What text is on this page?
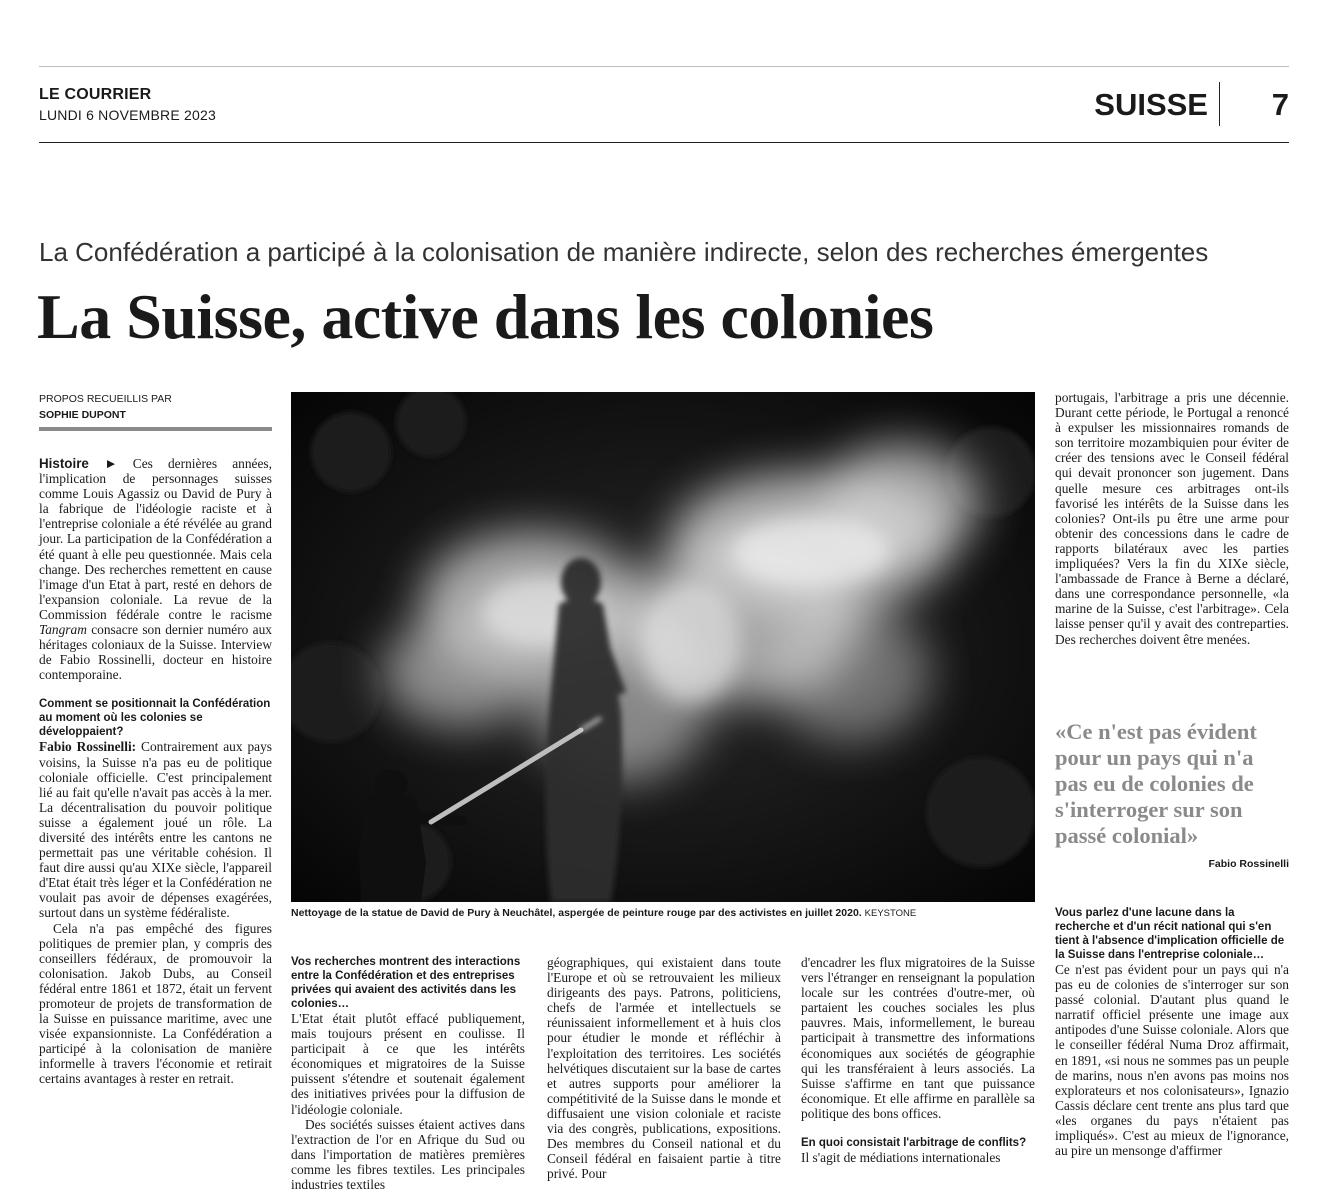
LE COURRIER
LUNDI 6 NOVEMBRE 2023	SUISSE	7
La Confédération a participé à la colonisation de manière indirecte, selon des recherches émergentes
La Suisse, active dans les colonies
PROPOS RECUEILLIS PAR
SOPHIE DUPONT

Histoire ► Ces dernières années, l'implication de personnages suisses comme Louis Agassiz ou David de Pury à la fabrique de l'idéologie raciste et à l'entreprise coloniale a été révélée au grand jour. La participation de la Confédération a été quant à elle peu questionnée. Mais cela change. Des recherches remettent en cause l'image d'un Etat à part, resté en dehors de l'expansion coloniale. La revue de la Commission fédérale contre le racisme Tangram consacre son dernier numéro aux héritages coloniaux de la Suisse. Interview de Fabio Rossinelli, docteur en histoire contemporaine.

Comment se positionnait la Confédération au moment où les colonies se développaient?

Fabio Rossinelli: Contrairement aux pays voisins, la Suisse n'a pas eu de politique coloniale officielle. C'est principalement lié au fait qu'elle n'avait pas accès à la mer. La décentralisation du pouvoir politique suisse a également joué un rôle. La diversité des intérêts entre les cantons ne permettait pas une véritable cohésion. Il faut dire aussi qu'au XIXe siècle, l'appareil d'Etat était très léger et la Confédération ne voulait pas avoir de dépenses exagérées, surtout dans un système fédéraliste.

Cela n'a pas empêché des figures politiques de premier plan, y compris des conseillers fédéraux, de promouvoir la colonisation. Jakob Dubs, au Conseil fédéral entre 1861 et 1872, était un fervent promoteur de projets de transformation de la Suisse en puissance maritime, avec une visée expansionniste. La Confédération a participé à la colonisation de manière informelle à travers l'économie et retirait certains avantages à rester en retrait.

Nettoyage de la statue de David de Pury à Neuchâtel, aspergée de peinture rouge par des activistes en juillet 2020. KEYSTONE

Vos recherches montrent des interactions entre la Confédération et des entreprises privées qui avaient des activités dans les colonies…

L'Etat était plutôt effacé publiquement, mais toujours présent en coulisse. Il participait à ce que les intérêts économiques et migratoires de la Suisse puissent s'étendre et soutenait également des initiatives privées pour la diffusion de l'idéologie coloniale.

Des sociétés suisses étaient actives dans l'extraction de l'or en Afrique du Sud ou dans l'importation de matières premières comme les fibres textiles. Les principales industries textiles

géographiques, qui existaient dans toute l'Europe et où se retrouvaient les milieux dirigeants des pays. Patrons, politiciens, chefs de l'armée et intellectuels se réunissaient informellement et à huis clos pour étudier le monde et réfléchir à l'exploitation des territoires. Les sociétés helvétiques discutaient sur la base de cartes et autres supports pour améliorer la compétitivité de la Suisse dans le monde et diffusaient une vision coloniale et raciste via des congrès, publications, expositions. Des membres du Conseil national et du Conseil fédéral en faisaient partie à titre privé. Pour

d'encadrer les flux migratoires de la Suisse vers l'étranger en renseignant la population locale sur les contrées d'outre-mer, où partaient les couches sociales les plus pauvres. Mais, informellement, le bureau participait à transmettre des informations économiques aux sociétés de géographie qui les transféraient à leurs associés. La Suisse s'affirme en tant que puissance économique. Et elle affirme en parallèle sa politique des bons offices.

En quoi consistait l'arbitrage de conflits?

Il s'agit de médiations internationales

portugais, l'arbitrage a pris une décennie. Durant cette période, le Portugal a renoncé à expulser les missionnaires romands de son territoire mozambiquien pour éviter de créer des tensions avec le Conseil fédéral qui devait prononcer son jugement. Dans quelle mesure ces arbitrages ont-ils favorisé les intérêts de la Suisse dans les colonies? Ont-ils pu être une arme pour obtenir des concessions dans le cadre de rapports bilatéraux avec les parties impliquées? Vers la fin du XIXe siècle, l'ambassade de France à Berne a déclaré, dans une correspondance personnelle, «la marine de la Suisse, c'est l'arbitrage». Cela laisse penser qu'il y avait des contreparties. Des recherches doivent être menées.

«Ce n'est pas évident pour un pays qui n'a pas eu de colonies de s'interroger sur son passé colonial»
Fabio Rossinelli

Vous parlez d'une lacune dans la recherche et d'un récit national qui s'en tient à l'absence d'implication officielle de la Suisse dans l'entreprise coloniale…

Ce n'est pas évident pour un pays qui n'a pas eu de colonies de s'interroger sur son passé colonial. D'autant plus quand le narratif officiel présente une image aux antipodes d'une Suisse coloniale. Alors que le conseiller fédéral Numa Droz affirmait, en 1891, «si nous ne sommes pas un peuple de marins, nous n'en avons pas moins nos explorateurs et nos colonisateurs», Ignazio Cassis déclare cent trente ans plus tard que «les organes du pays n'étaient pas impliqués». C'est au mieux de l'ignorance, au pire un mensonge d'affirmer
